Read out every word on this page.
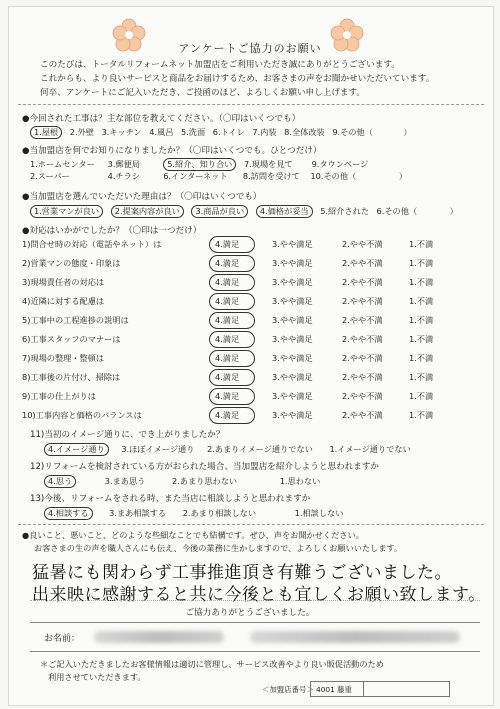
アンケートご協力のお願い
このたびは、トータルリフォームネット加盟店をご利用いただき誠にありがとうございます。
これからも、より良いサービスと商品をお届けするため、お客さまの声をお聞かせいただいています。
何卒、アンケートにご記入いただき、ご投函のほど、よろしくお願い申し上げます。
●今回された工事は？主な部位を教えてください。（〇印はいくつでも）
1.屋根 2.外壁 3.キッチン 4.風呂 5.洗面 6.トイレ 7.内装 8.全体改装 9.その他（	）
●当加盟店を何でお知りになりましたか？（〇印はいくつでも。ひとつだけ）
1.ホームセンター 3.郵便局	5.紹介、知り合い 7.現場を見て 9.タウンページ
2.スーパー	4.チラシ	6.インターネット 8.訪問を受けて 10.その他（	）
●当加盟店を選んでいただいた理由は？（〇印はいくつでも）
1.営業マンが良い 2.提案内容が良い 3.商品が良い 4.価格が妥当 5.紹介された 6.その他（	）
●対応はいかがでしたか？（〇印は一つだけ）
1)問合せ時の対応（電話やネット）は	4.満足	3.やや満足	2.やや不満	1.不満
2)営業マンの態度・印象は	4.満足	3.やや満足	2.やや不満	1.不満
3)現場責任者の対応は	4.満足	3.やや満足	2.やや不満	1.不満
4)近隣に対する配慮は	4.満足	3.やや満足	2.やや不満	1.不満
5)工事中の工程進捗の説明は	4.満足	3.やや満足	2.やや不満	1.不満
6)工事スタッフのマナーは	4.満足	3.やや満足	2.やや不満	1.不満
7)現場の整理・整頓は	4.満足	3.やや満足	2.やや不満	1.不満
8)工事後の片付け、掃除は	4.満足	3.やや満足	2.やや不満	1.不満
9)工事の仕上がりは	4.満足	3.やや満足	2.やや不満	1.不満
10)工事内容と価格のバランスは	4.満足	3.やや満足	2.やや不満	1.不満
11)当初のイメージ通りに、でき上がりましたか？
4.イメージ通り 3.ほぼイメージ通り 2.あまりイメージ通りでない 1.イメージ通りでない
12)リフォームを検討されている方がおられた場合、当加盟店を紹介しようと思われますか
4.思う	3.まあ思う	2.あまり思わない	1.思わない
13)今後、リフォームをされる時、また当店に相談しようと思われますか
4.相談する	3.まあ相談する 2.あまり相談しない	1.相談しない
●良いこと、悪いこと、どのような些細なことでも結構です。ぜひ、声をお聞かせください。
お客さまの生の声を職人さんにも伝え、今後の業務に生かしますので、よろしくお願いいたします。
猛暑にも関わらず工事推進頂き有難うございました。
出来映に感謝すると共に今後とも宜しくお願い致します。
ご協力ありがとうございました。
お名前：
＊ご記入いただきましたお客様情報は適切に管理し、サービス改善やより良い販促活動のため
利用させていただきます。
＜加盟店番号＞ 4001 藤重
